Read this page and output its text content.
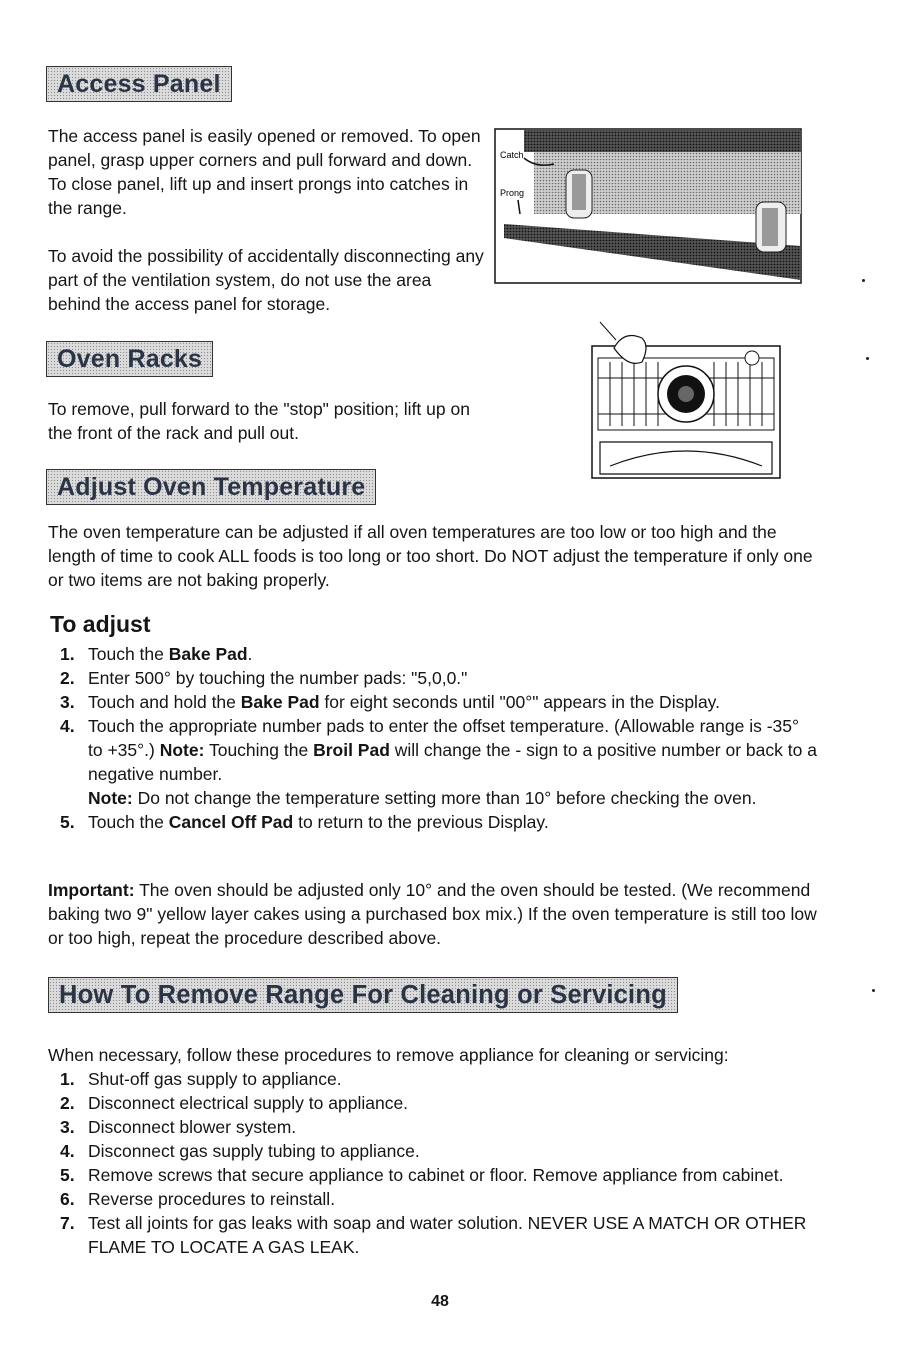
Access Panel

The access panel is easily opened or removed. To open panel, grasp upper corners and pull forward and down. To close panel, lift up and insert prongs into catches in the range.

To avoid the possibility of accidentally disconnecting any part of the ventilation system, do not use the area behind the access panel for storage.

Catch
Prong
Oven Racks

To remove, pull forward to the "stop" position; lift up on the front of the rack and pull out.

Adjust Oven Temperature

The oven temperature can be adjusted if all oven temperatures are too low or too high and the length of time to cook ALL foods is too long or too short. Do NOT adjust the temperature if only one or two items are not baking properly.

To adjust
1. Touch the Bake Pad.
2. Enter 500° by touching the number pads: "5,0,0."
3. Touch and hold the Bake Pad for eight seconds until "00°" appears in the Display.
4. Touch the appropriate number pads to enter the offset temperature. (Allowable range is -35° to +35°.) Note: Touching the Broil Pad will change the - sign to a positive number or back to a negative number.
Note: Do not change the temperature setting more than 10° before checking the oven.
5. Touch the Cancel Off Pad to return to the previous Display.

Important: The oven should be adjusted only 10° and the oven should be tested. (We recommend baking two 9" yellow layer cakes using a purchased box mix.) If the oven temperature is still too low or too high, repeat the procedure described above.

How To Remove Range For Cleaning or Servicing

When necessary, follow these procedures to remove appliance for cleaning or servicing:

1. Shut-off gas supply to appliance.
2. Disconnect electrical supply to appliance.
3. Disconnect blower system.
4. Disconnect gas supply tubing to appliance.
5. Remove screws that secure appliance to cabinet or floor. Remove appliance from cabinet.
6. Reverse procedures to reinstall.
7. Test all joints for gas leaks with soap and water solution. NEVER USE A MATCH OR OTHER FLAME TO LOCATE A GAS LEAK.
48
